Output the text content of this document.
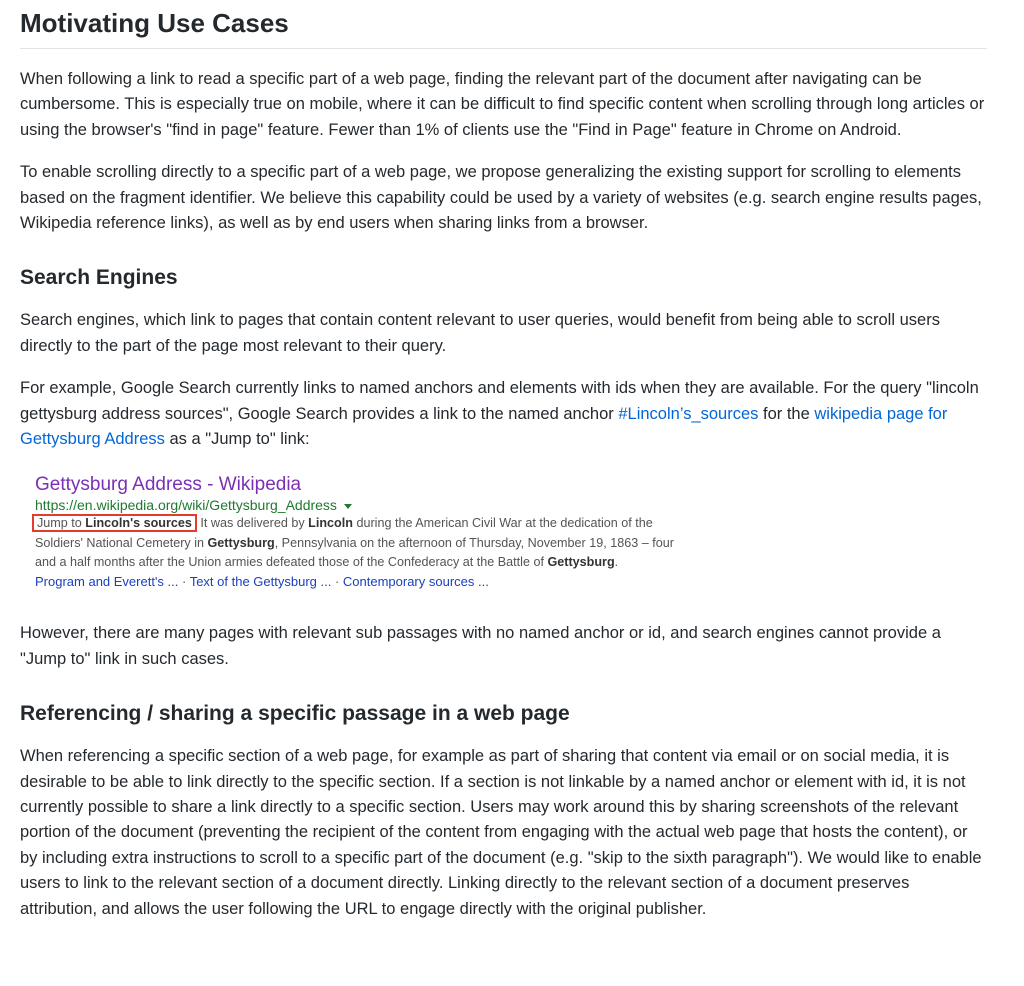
Motivating Use Cases

When following a link to read a specific part of a web page, finding the relevant part of the document after navigating can be cumbersome. This is especially true on mobile, where it can be difficult to find specific content when scrolling through long articles or using the browser's "find in page" feature. Fewer than 1% of clients use the "Find in Page" feature in Chrome on Android.

To enable scrolling directly to a specific part of a web page, we propose generalizing the existing support for scrolling to elements based on the fragment identifier. We believe this capability could be used by a variety of websites (e.g. search engine results pages, Wikipedia reference links), as well as by end users when sharing links from a browser.

Search Engines

Search engines, which link to pages that contain content relevant to user queries, would benefit from being able to scroll users directly to the part of the page most relevant to their query.

For example, Google Search currently links to named anchors and elements with ids when they are available. For the query "lincoln gettysburg address sources", Google Search provides a link to the named anchor #Lincoln’s_sources for the wikipedia page for Gettysburg Address as a "Jump to" link:

Gettysburg Address - Wikipedia
https://en.wikipedia.org/wiki/Gettysburg_Address
Jump to Lincoln's sources It was delivered by Lincoln during the American Civil War at the dedication of the Soldiers' National Cemetery in Gettysburg, Pennsylvania on the afternoon of Thursday, November 19, 1863 – four and a half months after the Union armies defeated those of the Confederacy at the Battle of Gettysburg.
Program and Everett's ... · Text of the Gettysburg ... · Contemporary sources ...

However, there are many pages with relevant sub passages with no named anchor or id, and search engines cannot provide a "Jump to" link in such cases.

Referencing / sharing a specific passage in a web page

When referencing a specific section of a web page, for example as part of sharing that content via email or on social media, it is desirable to be able to link directly to the specific section. If a section is not linkable by a named anchor or element with id, it is not currently possible to share a link directly to a specific section. Users may work around this by sharing screenshots of the relevant portion of the document (preventing the recipient of the content from engaging with the actual web page that hosts the content), or by including extra instructions to scroll to a specific part of the document (e.g. "skip to the sixth paragraph"). We would like to enable users to link to the relevant section of a document directly. Linking directly to the relevant section of a document preserves attribution, and allows the user following the URL to engage directly with the original publisher.
